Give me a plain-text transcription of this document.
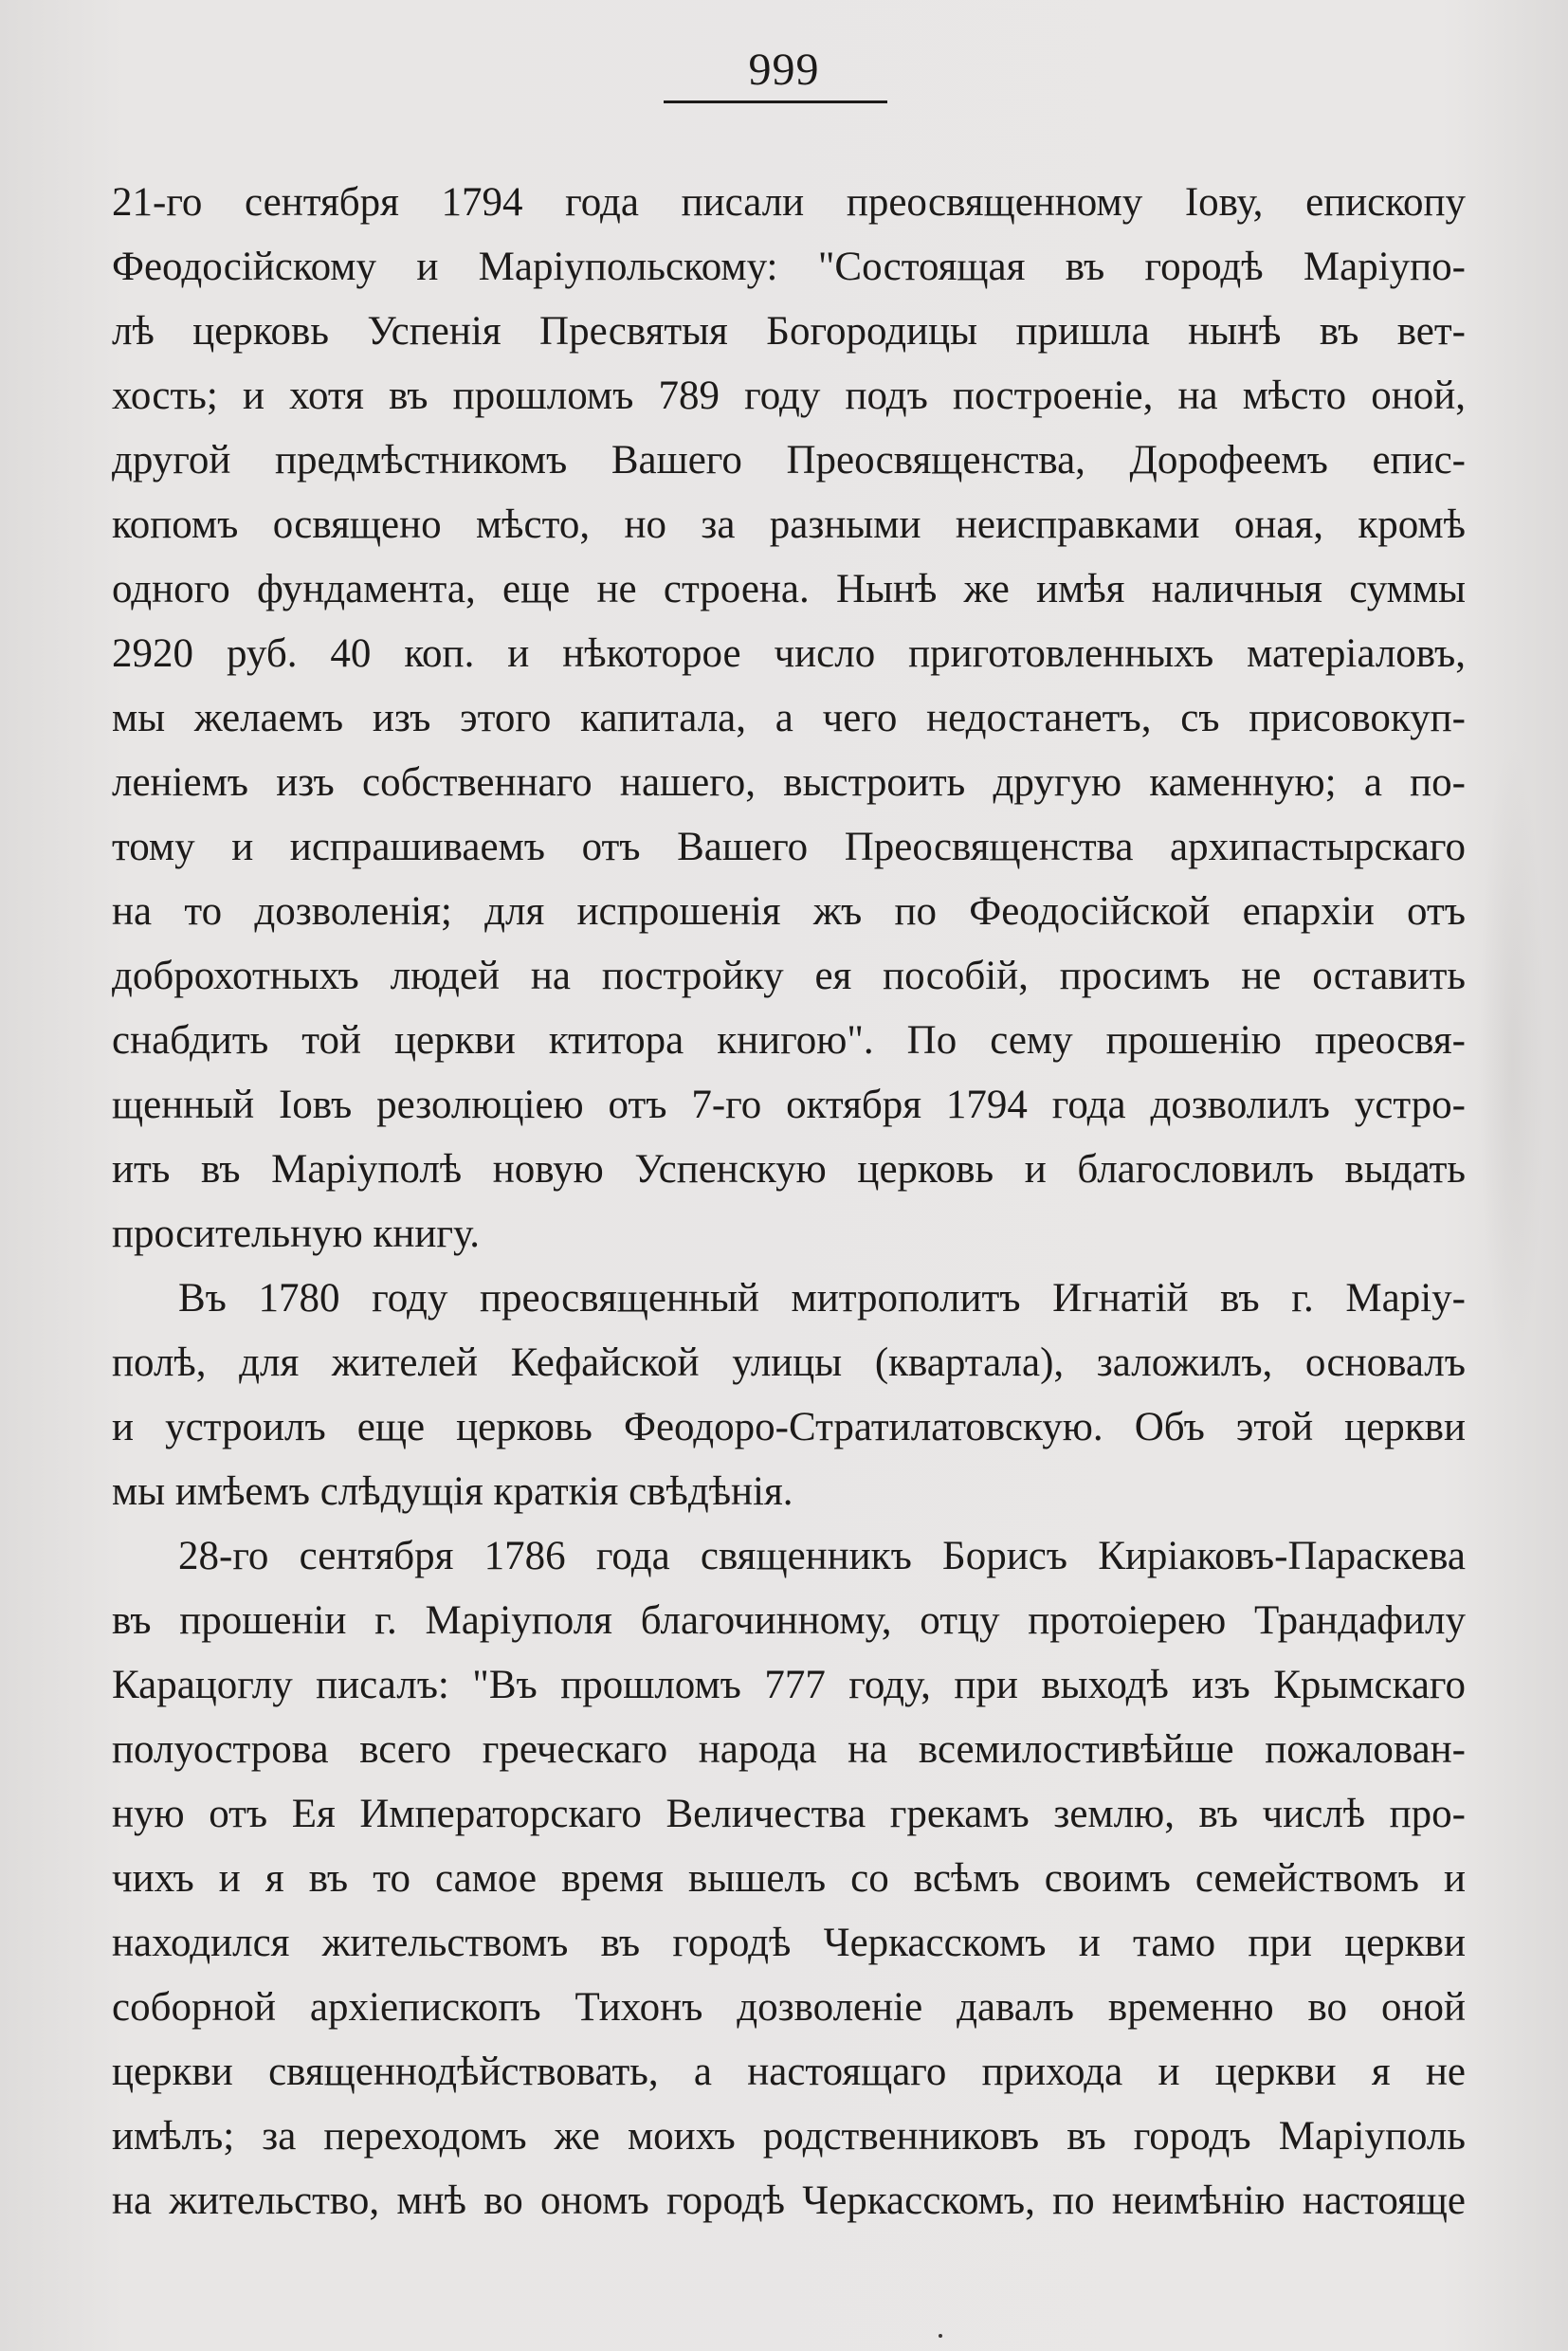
999
21-го сентября 1794 года писали преосвященному Іову, епископу
Феодосійскому и Маріупольскому: "Состоящая въ городѣ Маріупо-
лѣ церковь Успенія Пресвятыя Богородицы пришла нынѣ въ вет-
хость; и хотя въ прошломъ 789 году подъ построеніе, на мѣсто оной,
другой предмѣстникомъ Вашего Преосвященства, Дорофеемъ епис-
копомъ освящено мѣсто, но за разными неисправками оная, кромѣ
одного фундамента, еще не строена. Нынѣ же имѣя наличныя суммы
2920 руб. 40 коп. и нѣкоторое число приготовленныхъ матеріаловъ,
мы желаемъ изъ этого капитала, а чего недостанетъ, съ присовокуп-
леніемъ изъ собственнаго нашего, выстроить другую каменную; а по-
тому и испрашиваемъ отъ Вашего Преосвященства архипастырскаго
на то дозволенія; для испрошенія жъ по Феодосійской епархіи отъ
доброхотныхъ людей на постройку ея пособій, просимъ не оставить
снабдить той церкви ктитора книгою". По сему прошенію преосвя-
щенный Іовъ резолюціею отъ 7-го октября 1794 года дозволилъ устро-
ить въ Маріуполѣ новую Успенскую церковь и благословилъ выдать
просительную книгу.
Въ 1780 году преосвященный митрополитъ Игнатій въ г. Маріу-
полѣ, для жителей Кефайской улицы (квартала), заложилъ, основалъ
и устроилъ еще церковь Феодоро-Стратилатовскую. Объ этой церкви
мы имѣемъ слѣдущія краткія свѣдѣнія.
28-го сентября 1786 года священникъ Борисъ Киріаковъ-Параскева
въ прошеніи г. Маріуполя благочинному, отцу протоіерею Трандафилу
Карацоглу писалъ: "Въ прошломъ 777 году, при выходѣ изъ Крымскаго
полуострова всего греческаго народа на всемилостивѣйше пожалован-
ную отъ Ея Императорскаго Величества грекамъ землю, въ числѣ про-
чихъ и я въ то самое время вышелъ со всѣмъ своимъ семействомъ и
находился жительствомъ въ городѣ Черкасскомъ и тамо при церкви
соборной архіепископъ Тихонъ дозволеніе давалъ временно во оной
церкви священнодѣйствовать, а настоящаго прихода и церкви я не
имѣлъ; за переходомъ же моихъ родственниковъ въ городъ Маріуполь
на жительство, мнѣ во ономъ городѣ Черкасскомъ, по неимѣнію настояще
